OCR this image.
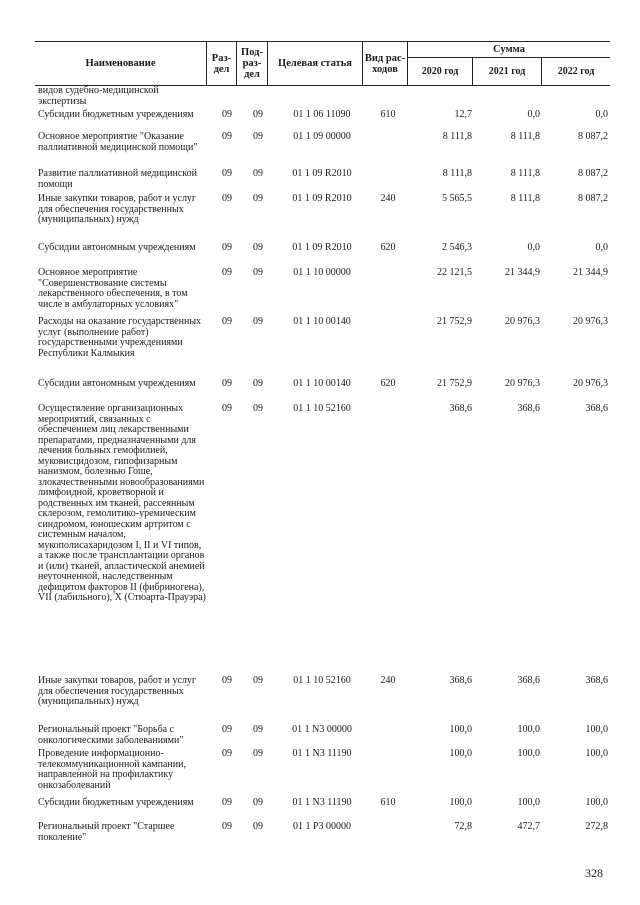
Наименование	Раз- дел
Под- раз- дел
Целевая статья	Вид рас- ходов
Сумма
2020 год	2021 год	2022 год
видов судебно-медицинской экспертизы
Субсидии бюджетным учреждениям	09	09	01 1 06 11090	610	12,7	0,0	0,0
Основное мероприятие "Оказание паллиативной медицинской помощи"
09	09	01 1 09 00000	8 111,8	8 111,8	8 087,2
Развитие паллиативной медицинской помощи
09	09	01 1 09 R2010	8 111,8	8 111,8	8 087,2
Иные закупки товаров, работ и услуг для обеспечения государственных (муниципальных) нужд
09	09	01 1 09 R2010	240	5 565,5	8 111,8	8 087,2
Субсидии автономным учреждениям	09	09	01 1 09 R2010	620	2 546,3	0,0	0,0
Основное мероприятие "Совершенствование системы лекарственного обеспечения, в том числе в амбулаторных условиях"
09	09	01 1 10 00000	22 121,5	21 344,9	21 344,9
Расходы на оказание государственных услуг (выполнение работ) государственными учреждениями Республики Калмыкия
09	09	01 1 10 00140	21 752,9	20 976,3	20 976,3
Субсидии автономным учреждениям	09	09	01 1 10 00140	620	21 752,9	20 976,3	20 976,3
Осуществление организационных мероприятий, связанных с обеспечением лиц лекарственными препаратами, предназначенными для лечения больных гемофилией, муковисцидозом, гипофизарным нанизмом, болезнью Гоше, злокачественными новообразованиями лимфоидной, кроветворной и родственных им тканей, рассеянным склерозом, гемолитико-уремическим синдромом, юношеским артритом с системным началом, мукополисахаридозом I, II и VI типов, а также после трансплантации органов и (или) тканей, апластической анемией неуточненной, наследственным дефицитом факторов II (фибриногена), VII (лабильного), X (Стюарта-Прауэра)
09	09	01 1 10 52160	368,6	368,6	368,6
Иные закупки товаров, работ и услуг для обеспечения государственных (муниципальных) нужд
09	09	01 1 10 52160	240	368,6	368,6	368,6
Региональный проект "Борьба с онкологическими заболеваниями"
09	09	01 1 N3 00000	100,0	100,0	100,0
Проведение информационно-телекоммуникационной кампании, направленной на профилактику онкозаболеваний
09	09	01 1 N3 11190	100,0	100,0	100,0
Субсидии бюджетным учреждениям	09	09	01 1 N3 11190	610	100,0	100,0	100,0
Региональный проект "Старшее поколение"
09	09	01 1 P3 00000	72,8	472,7	272,8
328
